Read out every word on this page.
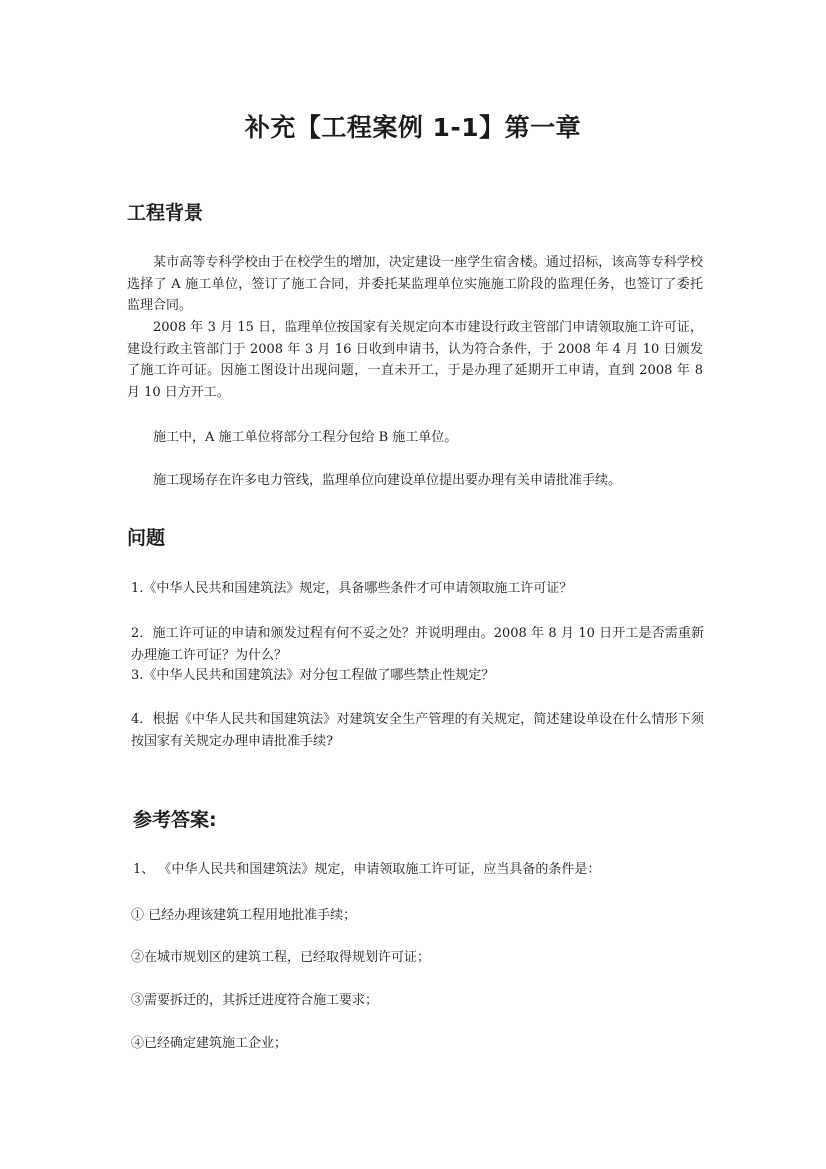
补充【工程案例 1-1】第一章
工程背景
某市高等专科学校由于在校学生的增加，决定建设一座学生宿舍楼。通过招标，该高等专科学校选择了 A 施工单位，签订了施工合同，并委托某监理单位实施施工阶段的监理任务，也签订了委托监理合同。
2008 年 3 月 15 日，监理单位按国家有关规定向本市建设行政主管部门申请领取施工许可证，建设行政主管部门于 2008 年 3 月 16 日收到申请书，认为符合条件，于 2008 年 4 月 10 日颁发了施工许可证。因施工图设计出现问题，一直未开工，于是办理了延期开工申请，直到 2008 年 8 月 10 日方开工。
施工中，A 施工单位将部分工程分包给 B 施工单位。
施工现场存在许多电力管线，监理单位向建设单位提出要办理有关申请批准手续。
问题
1.《中华人民共和国建筑法》规定，具备哪些条件才可申请领取施工许可证？
2．施工许可证的申请和颁发过程有何不妥之处？并说明理由。2008 年 8 月 10 日开工是否需重新办理施工许可证？为什么？
3.《中华人民共和国建筑法》对分包工程做了哪些禁止性规定？
4．根据《中华人民共和国建筑法》对建筑安全生产管理的有关规定，简述建设单设在什么情形下须按国家有关规定办理申请批准手续?
参考答案:
1、 《中华人民共和国建筑法》规定，申请领取施工许可证，应当具备的条件是：
① 已经办理该建筑工程用地批准手续；
②在城市规划区的建筑工程，已经取得规划许可证；
③需要拆迁的，其拆迁进度符合施工要求；
④已经确定建筑施工企业；
